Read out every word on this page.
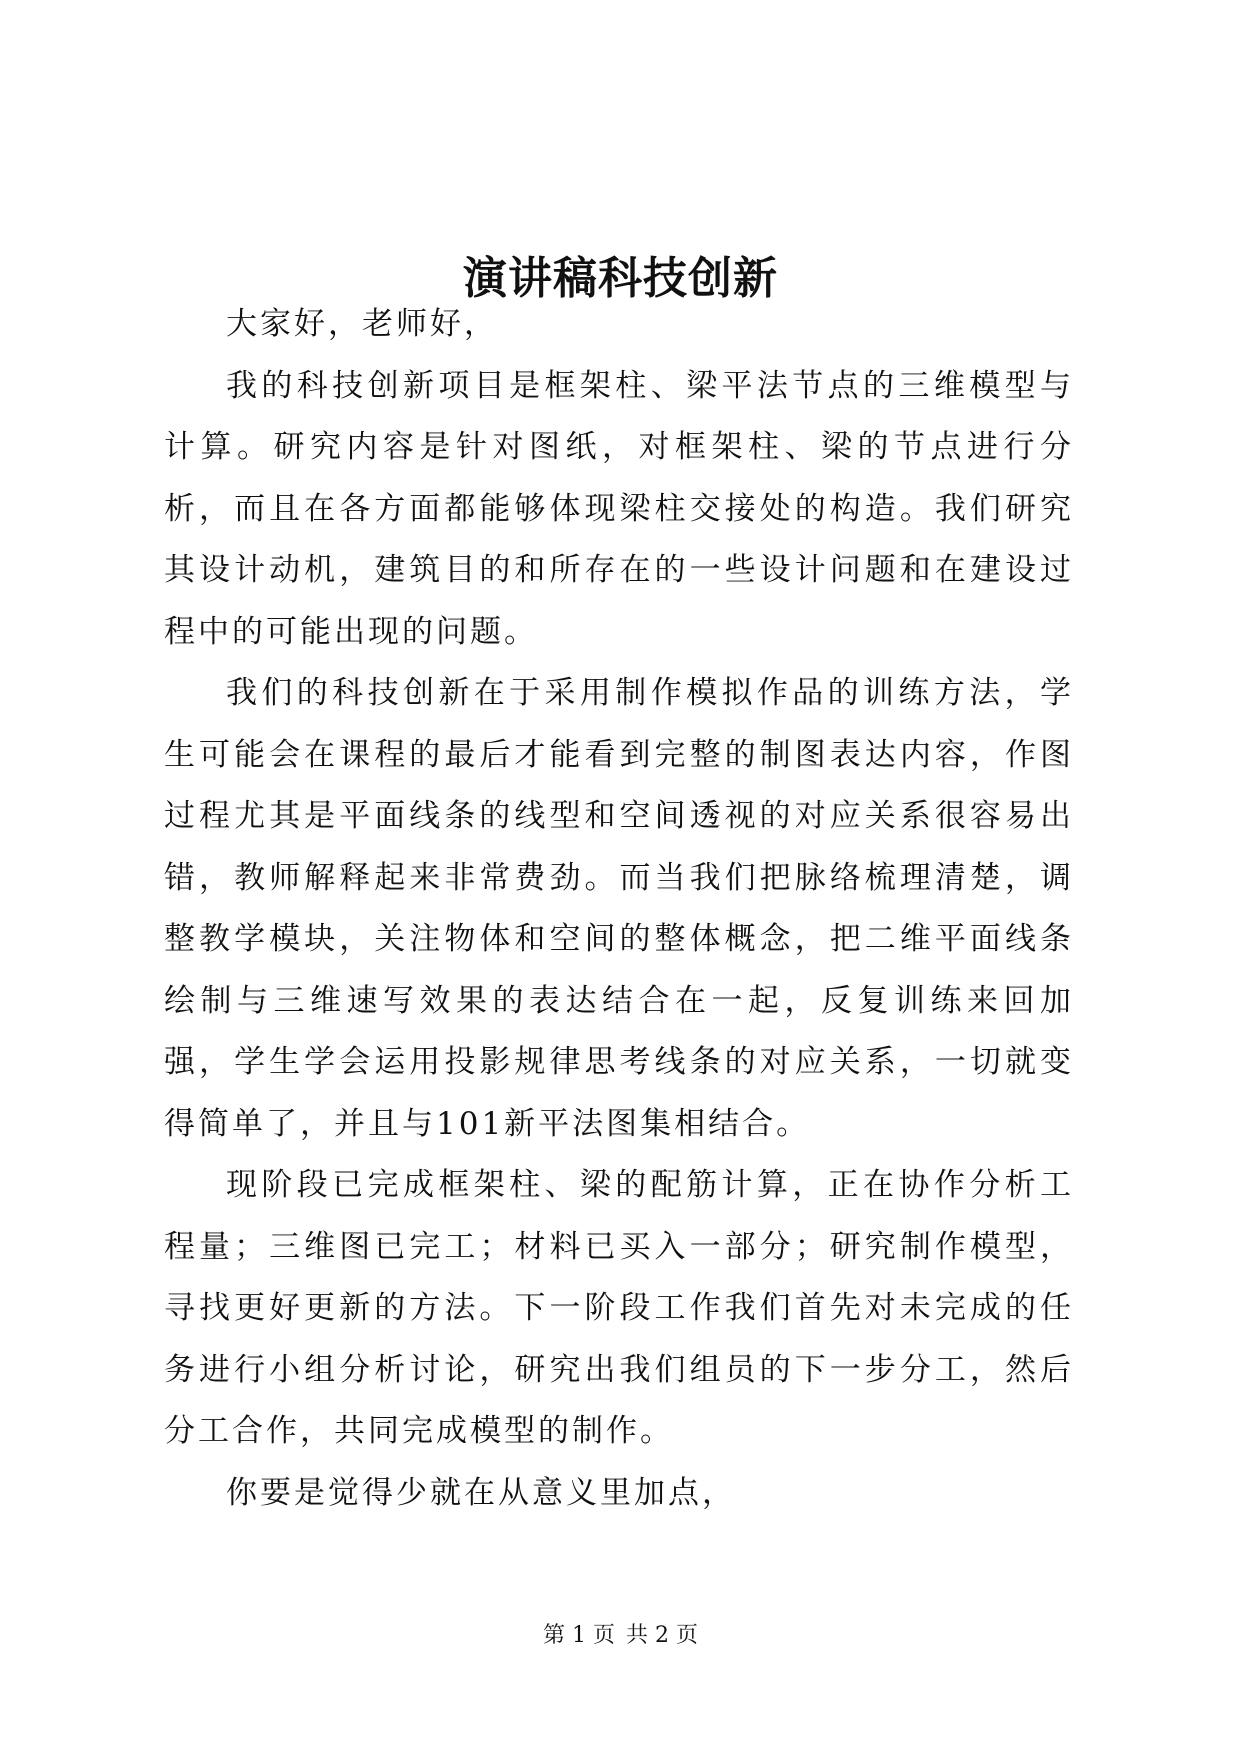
演讲稿科技创新

大家好，老师好，

我的科技创新项目是框架柱、梁平法节点的三维模型与计算。研究内容是针对图纸，对框架柱、梁的节点进行分析，而且在各方面都能够体现梁柱交接处的构造。我们研究其设计动机，建筑目的和所存在的一些设计问题和在建设过程中的可能出现的问题。

我们的科技创新在于采用制作模拟作品的训练方法，学生可能会在课程的最后才能看到完整的制图表达内容，作图过程尤其是平面线条的线型和空间透视的对应关系很容易出错，教师解释起来非常费劲。而当我们把脉络梳理清楚，调整教学模块，关注物体和空间的整体概念，把二维平面线条绘制与三维速写效果的表达结合在一起，反复训练来回加强，学生学会运用投影规律思考线条的对应关系，一切就变得简单了，并且与101新平法图集相结合。

现阶段已完成框架柱、梁的配筋计算，正在协作分析工程量；三维图已完工；材料已买入一部分；研究制作模型，寻找更好更新的方法。下一阶段工作我们首先对未完成的任务进行小组分析讨论，研究出我们组员的下一步分工，然后分工合作，共同完成模型的制作。

你要是觉得少就在从意义里加点，

第 1 页 共 2 页
